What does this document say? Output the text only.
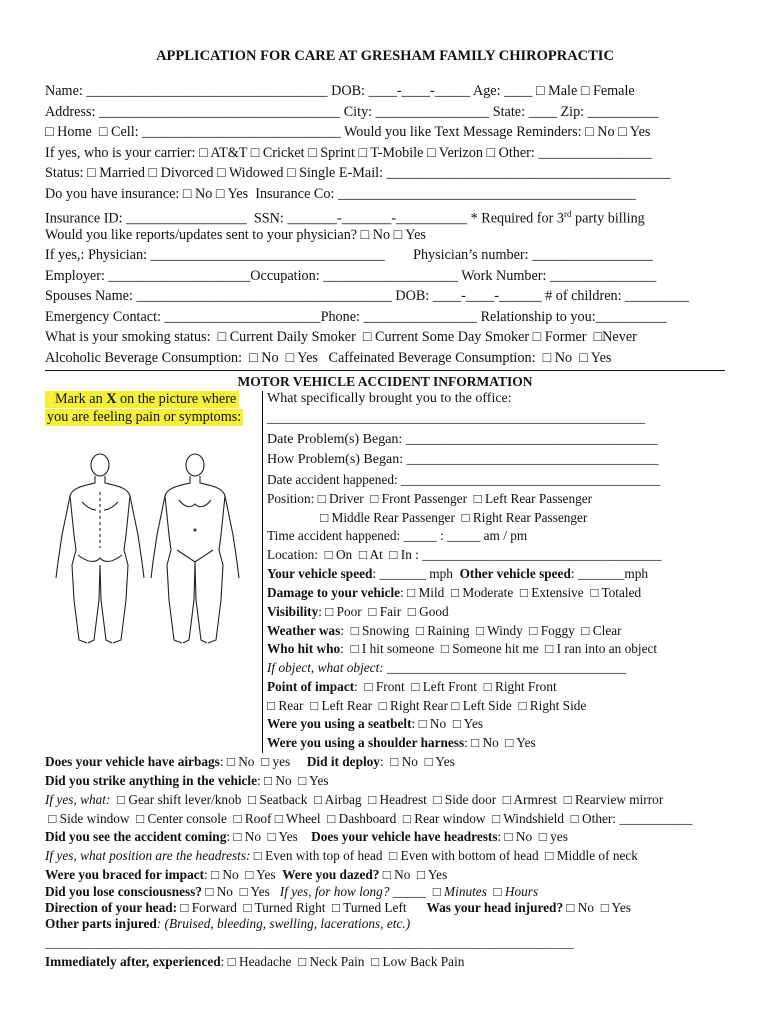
APPLICATION FOR CARE AT GRESHAM FAMILY CHIROPRACTIC
Name: __________________________________ DOB: ____-____-_____ Age: ____ □ Male □ Female
Address: __________________________________ City: ________________ State: ____ Zip: __________
□ Home  □ Cell: ____________________________ Would you like Text Message Reminders: □ No □ Yes
If yes, who is your carrier: □ AT&T □ Cricket □ Sprint □ T-Mobile □ Verizon □ Other: ________________
Status: □ Married □ Divorced □ Widowed □ Single E-Mail: ________________________________________
Do you have insurance: □ No □ Yes  Insurance Co: __________________________________________
Insurance ID: _________________  SSN: _______-_______-__________ * Required for 3rd party billing
Would you like reports/updates sent to your physician? □ No □ Yes
If yes,: Physician: _________________________________        Physician’s number: _________________
Employer: ____________________Occupation: ___________________ Work Number: _______________
Spouses Name: ____________________________________ DOB: ____-____-______ # of children: _________
Emergency Contact: ______________________Phone: ________________ Relationship to you:__________
What is your smoking status:  □ Current Daily Smoker  □ Current Some Day Smoker □ Former  □Never
Alcoholic Beverage Consumption:  □ No  □ Yes   Caffeinated Beverage Consumption:  □ No  □ Yes
MOTOR VEHICLE ACCIDENT INFORMATION
Mark an X on the picture where
you are feeling pain or symptoms:
What specifically brought you to the office:
______________________________________________________
Date Problem(s) Began: ____________________________________
How Problem(s) Began: ____________________________________
Date accident happened: _______________________________________
Position: □ Driver  □ Front Passenger  □ Left Rear Passenger
□ Middle Rear Passenger  □ Right Rear Passenger
Time accident happened: _____ : _____ am / pm
Location:  □ On  □ At  □ In : ____________________________________
Your vehicle speed: _______ mph  Other vehicle speed: _______mph
Damage to your vehicle: □ Mild  □ Moderate  □ Extensive  □ Totaled
Visibility: □ Poor  □ Fair  □ Good
Weather was:  □ Snowing  □ Raining  □ Windy  □ Foggy  □ Clear
Who hit who:  □ I hit someone  □ Someone hit me  □ I ran into an object
If object, what object: ____________________________________
Point of impact:  □ Front  □ Left Front  □ Right Front
□ Rear  □ Left Rear  □ Right Rear □ Left Side  □ Right Side
Were you using a seatbelt: □ No  □ Yes
Were you using a shoulder harness: □ No  □ Yes
Does your vehicle have airbags: □ No  □ yes     Did it deploy:  □ No  □ Yes
Did you strike anything in the vehicle: □ No  □ Yes
If yes, what:  □ Gear shift lever/knob  □ Seatback  □ Airbag  □ Headrest  □ Side door  □ Armrest  □ Rearview mirror
□ Side window  □ Center console  □ Roof □ Wheel  □ Dashboard  □ Rear window  □ Windshield  □ Other: ___________
Did you see the accident coming: □ No  □ Yes    Does your vehicle have headrests: □ No  □ yes
If yes, what position are the headrests: □ Even with top of head  □ Even with bottom of head  □ Middle of neck
Were you braced for impact: □ No  □ Yes  Were you dazed? □ No  □ Yes
Did you lose consciousness? □ No  □ Yes   If yes, for how long? _____  □ Minutes  □ Hours
Direction of your head: □ Forward  □ Turned Right  □ Turned Left      Was your head injured? □ No  □ Yes
Other parts injured: (Bruised, bleeding, swelling, lacerations, etc.)
______________________________________________________________________________________
Immediately after, experienced: □ Headache  □ Neck Pain  □ Low Back Pain
